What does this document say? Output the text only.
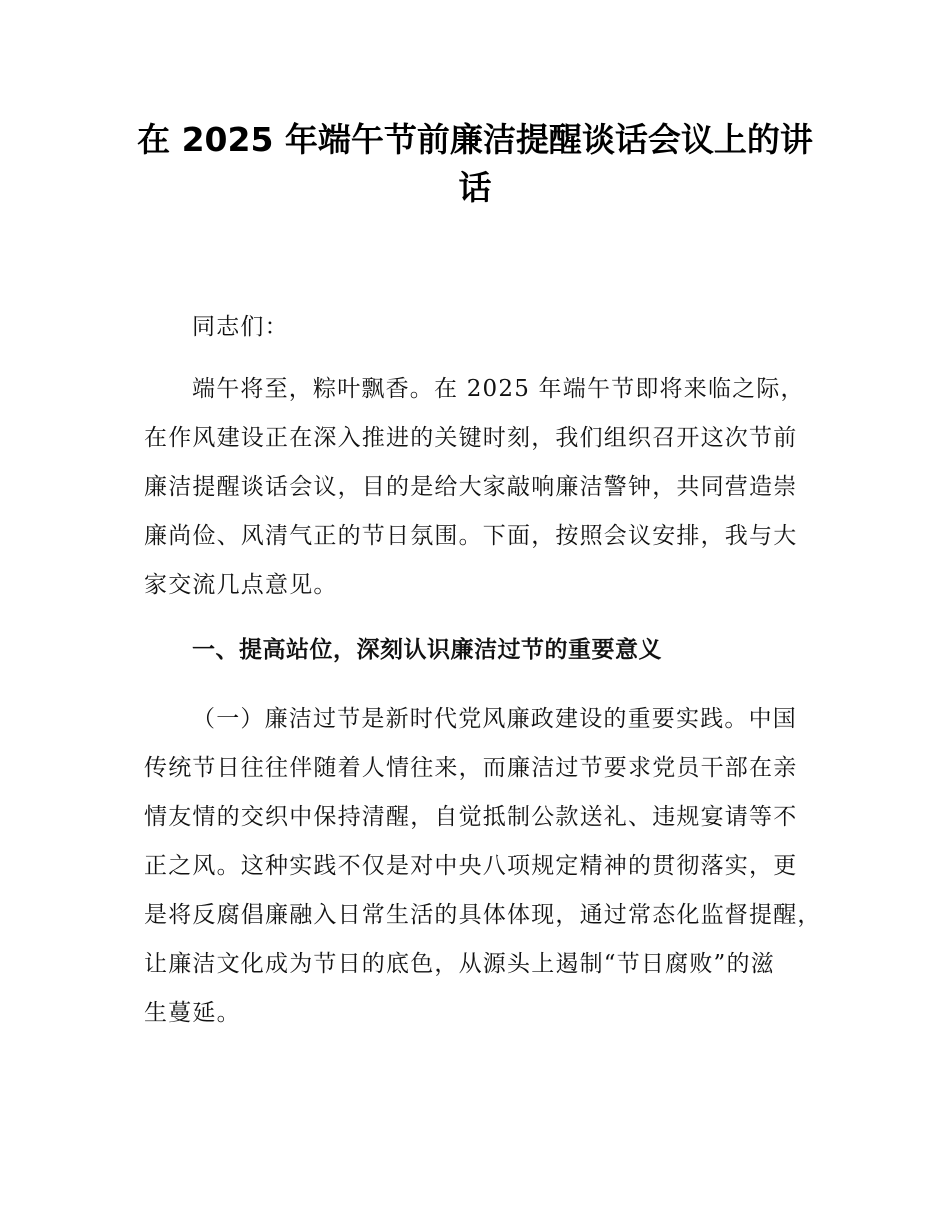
在 2025 年端午节前廉洁提醒谈话会议上的讲
话
同志们：
端午将至，粽叶飘香。在 2025 年端午节即将来临之际，
在作风建设正在深入推进的关键时刻，我们组织召开这次节前
廉洁提醒谈话会议，目的是给大家敲响廉洁警钟，共同营造崇
廉尚俭、风清气正的节日氛围。下面，按照会议安排，我与大
家交流几点意见。
一、提高站位，深刻认识廉洁过节的重要意义
（一）廉洁过节是新时代党风廉政建设的重要实践。中国
传统节日往往伴随着人情往来，而廉洁过节要求党员干部在亲
情友情的交织中保持清醒，自觉抵制公款送礼、违规宴请等不
正之风。这种实践不仅是对中央八项规定精神的贯彻落实，更
是将反腐倡廉融入日常生活的具体体现，通过常态化监督提醒，
让廉洁文化成为节日的底色，从源头上遏制“节日腐败”的滋
生蔓延。
